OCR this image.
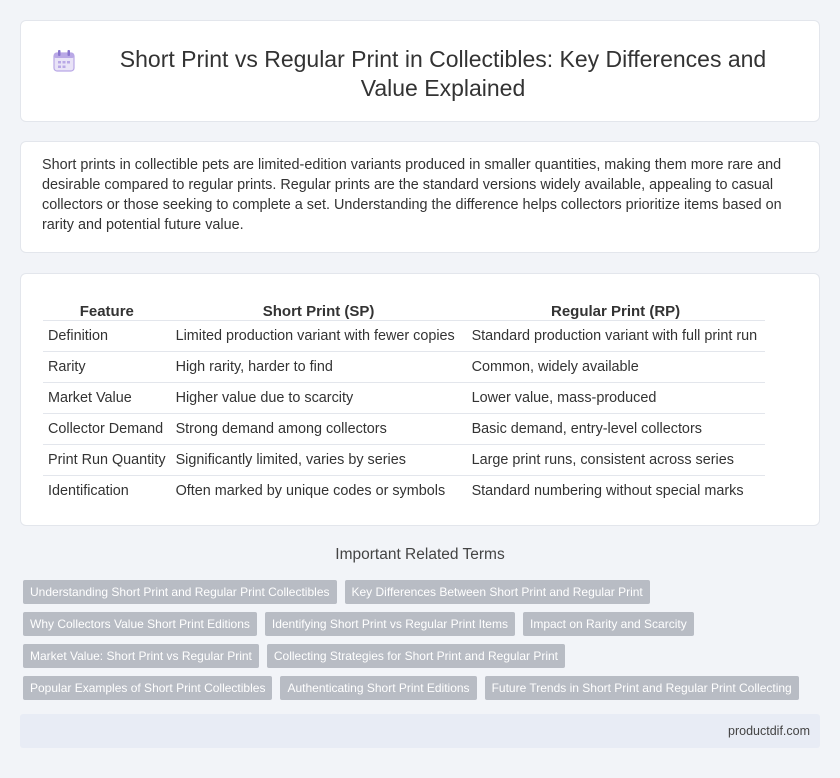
Short Print vs Regular Print in Collectibles: Key Differences and Value Explained

Short prints in collectible pets are limited-edition variants produced in smaller quantities, making them more rare and desirable compared to regular prints. Regular prints are the standard versions widely available, appealing to casual collectors or those seeking to complete a set. Understanding the difference helps collectors prioritize items based on rarity and potential future value.

Feature	Short Print (SP)	Regular Print (RP)
Definition	Limited production variant with fewer copies	Standard production variant with full print run
Rarity	High rarity, harder to find	Common, widely available
Market Value	Higher value due to scarcity	Lower value, mass-produced
Collector Demand	Strong demand among collectors	Basic demand, entry-level collectors
Print Run Quantity	Significantly limited, varies by series	Large print runs, consistent across series
Identification	Often marked by unique codes or symbols	Standard numbering without special marks
Important Related Terms
Understanding Short Print and Regular Print Collectibles	Key Differences Between Short Print and Regular Print
Why Collectors Value Short Print Editions	Identifying Short Print vs Regular Print Items	Impact on Rarity and Scarcity
Market Value: Short Print vs Regular Print	Collecting Strategies for Short Print and Regular Print
Popular Examples of Short Print Collectibles	Authenticating Short Print Editions	Future Trends in Short Print and Regular Print Collecting
productdif.com
